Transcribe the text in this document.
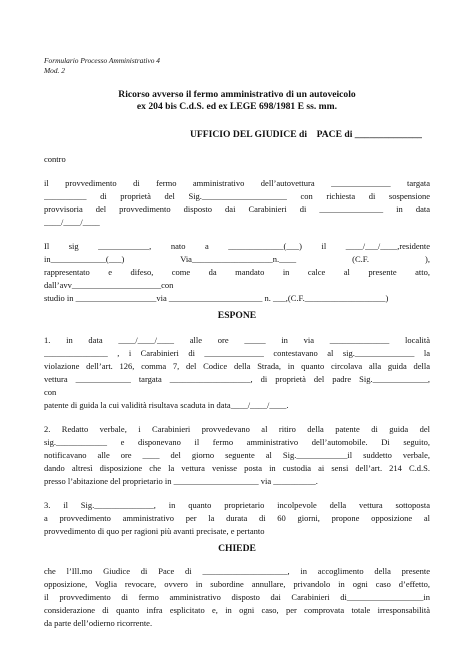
Formulario Processo Amministrativo 4
Mod. 2
Ricorso avverso il fermo amministrativo di un autoveicolo
ex 204 bis C.d.S. ed ex LEGE 698/1981 E ss. mm.
UFFICIO DEL GIUDICE di    PACE di ______________
contro
il provvedimento di fermo amministrativo dell’autovettura ______________ targata
__________ di proprietà del Sig.____________________ con richiesta di sospensione
provvisoria del provvedimento disposto dai Carabinieri di _______________ in data
____/____/____
Il sig ____________, nato a _____________(___) il ____/___/____,residente
in_____________(___) Via___________________n.____ (C.F. ),
rappresentato e difeso, come da mandato in calce al presente atto,
dall’avv_____________________con
studio in ___________________via ______________________ n. ___,(C.F.___________________)
ESPONE
1. in data ____/____/____ alle ore _____ in via ______________ località
_______________ , i Carabinieri di ______________ contestavano al sig.______________ la
violazione dell’art. 126, comma 7, del Codice della Strada, in quanto circolava alla guida della
vettura _____________ targata ___________________, di proprietà del padre Sig._____________,
con
patente di guida la cui validità risultava scaduta in data____/____/____.
2. Redatto verbale, i Carabinieri provvedevano al ritiro della patente di guida del
sig.____________ e disponevano il fermo amministrativo dell’automobile. Di seguito,
notificavano alle ore ____ del giorno seguente al Sig.____________il suddetto verbale,
dando altresì disposizione che la vettura venisse posta in custodia ai sensi dell’art. 214 C.d.S.
presso l’abitazione del proprietario in ____________________ via __________.
3. il Sig.______________, in quanto proprietario incolpevole della vettura sottoposta
a provvedimento amministrativo per la durata di 60 giorni, propone opposizione al
provvedimento di quo per ragioni più avanti precisate, e pertanto
CHIEDE
che l’Ill.mo Giudice di Pace di ____________________, in accoglimento della presente
opposizione, Voglia revocare, ovvero in subordine annullare, privandolo in ogni caso d’effetto,
il provvedimento di fermo amministrativo disposto dai Carabinieri di__________________in
considerazione di quanto infra esplicitato e, in ogni caso, per comprovata totale irresponsabilità
da parte dell’odierno ricorrente.
